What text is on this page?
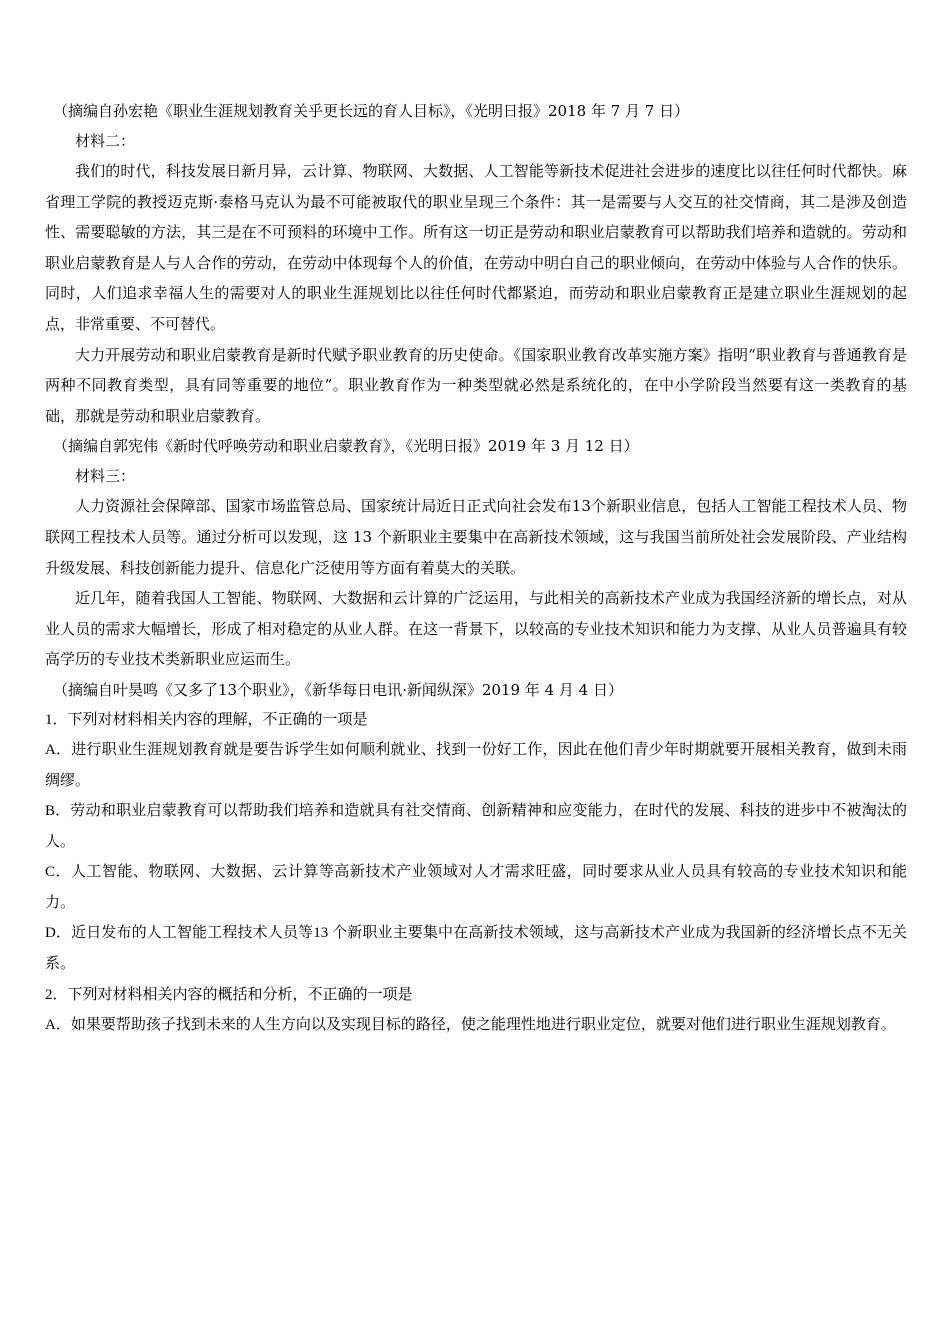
（摘编自孙宏艳《职业生涯规划教育关乎更长远的育人目标》，《光明日报》2018 年 7 月 7 日）
材料二：
我们的时代，科技发展日新月异，云计算、物联网、大数据、人工智能等新技术促进社会进步的速度比以往任何时代都快。麻省理工学院的教授迈克斯·泰格马克认为最不可能被取代的职业呈现三个条件：其一是需要与人交互的社交情商，其二是涉及创造性、需要聪敏的方法，其三是在不可预料的环境中工作。所有这一切正是劳动和职业启蒙教育可以帮助我们培养和造就的。劳动和职业启蒙教育是人与人合作的劳动，在劳动中体现每个人的价值，在劳动中明白自己的职业倾向，在劳动中体验与人合作的快乐。同时，人们追求幸福人生的需要对人的职业生涯规划比以往任何时代都紧迫，而劳动和职业启蒙教育正是建立职业生涯规划的起点，非常重要、不可替代。
大力开展劳动和职业启蒙教育是新时代赋予职业教育的历史使命。《国家职业教育改革实施方案》指明“职业教育与普通教育是两种不同教育类型，具有同等重要的地位”。职业教育作为一种类型就必然是系统化的，在中小学阶段当然要有这一类教育的基础，那就是劳动和职业启蒙教育。
（摘编自郭宪伟《新时代呼唤劳动和职业启蒙教育》，《光明日报》2019 年 3 月 12 日）
材料三：
人力资源社会保障部、国家市场监管总局、国家统计局近日正式向社会发布13个新职业信息，包括人工智能工程技术人员、物联网工程技术人员等。通过分析可以发现，这 13 个新职业主要集中在高新技术领域，这与我国当前所处社会发展阶段、产业结构升级发展、科技创新能力提升、信息化广泛使用等方面有着莫大的关联。
近几年，随着我国人工智能、物联网、大数据和云计算的广泛运用，与此相关的高新技术产业成为我国经济新的增长点，对从业人员的需求大幅增长，形成了相对稳定的从业人群。在这一背景下，以较高的专业技术知识和能力为支撑、从业人员普遍具有较高学历的专业技术类新职业应运而生。
（摘编自叶昊鸣《又多了13个职业》，《新华每日电讯·新闻纵深》2019 年 4 月 4 日）
1．下列对材料相关内容的理解，不正确的一项是
A．进行职业生涯规划教育就是要告诉学生如何顺利就业、找到一份好工作，因此在他们青少年时期就要开展相关教育，做到未雨绸缪。
B．劳动和职业启蒙教育可以帮助我们培养和造就具有社交情商、创新精神和应变能力，在时代的发展、科技的进步中不被淘汰的人。
C．人工智能、物联网、大数据、云计算等高新技术产业领域对人才需求旺盛，同时要求从业人员具有较高的专业技术知识和能力。
D．近日发布的人工智能工程技术人员等13 个新职业主要集中在高新技术领域，这与高新技术产业成为我国新的经济增长点不无关系。
2．下列对材料相关内容的概括和分析，不正确的一项是
A．如果要帮助孩子找到未来的人生方向以及实现目标的路径，使之能理性地进行职业定位，就要对他们进行职业生涯规划教育。
